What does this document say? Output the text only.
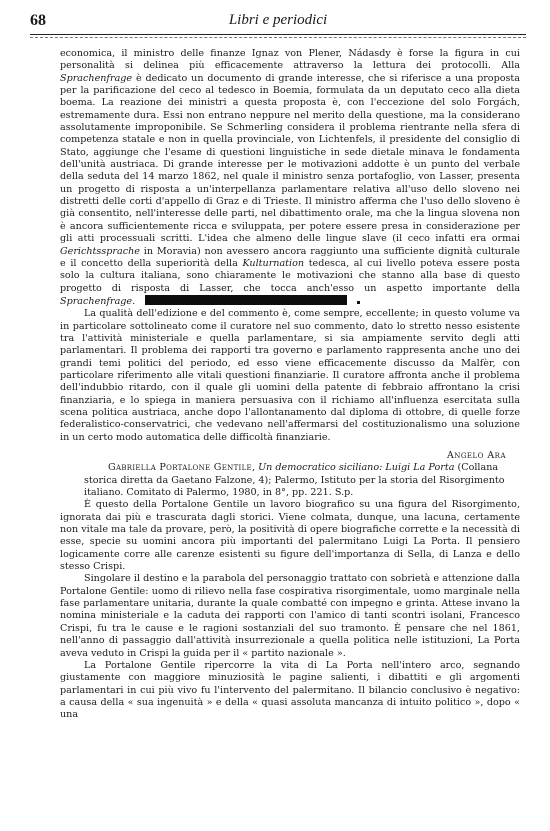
68	Libri e periodici

economica, il ministro delle finanze Ignaz von Plener, Nádasdy è forse la figura in cui personalità si delinea più efficacemente attraverso la lettura dei protocolli. Alla Sprachenfrage è dedicato un documento di grande interesse, che si riferisce a una proposta per la parificazione del ceco al tedesco in Boemia, formulata da un deputato ceco alla dieta boema. La reazione dei ministri a questa proposta è, con l'eccezione del solo Forgách, estremamente dura. Essi non entrano neppure nel merito della questione, ma la considerano assolutamente improponibile. Se Schmerling considera il problema rientrante nella sfera di competenza statale e non in quella provinciale, von Lichtenfels, il presidente del consiglio di Stato, aggiunge che l'esame di questioni linguistiche in sede dietale minava le fondamenta dell'unità austriaca. Di grande interesse per le motivazioni addotte è un punto del verbale della seduta del 14 marzo 1862, nel quale il ministro senza portafoglio, von Lasser, presenta un progetto di risposta a un'interpellanza parlamentare relativa all'uso dello sloveno nei distretti delle corti d'appello di Graz e di Trieste. Il ministro afferma che l'uso dello sloveno è già consentito, nell'interesse delle parti, nel dibattimento orale, ma che la lingua slovena non è ancora sufficientemente ricca e sviluppata, per potere essere presa in considerazione per gli atti processuali scritti. L'idea che almeno delle lingue slave (il ceco infatti era ormai Gerichtssprache in Moravia) non avessero ancora raggiunto una sufficiente dignità culturale e il concetto della superiorità della Kulturnation tedesca, al cui livello poteva essere posta solo la cultura italiana, sono chiaramente le motivazioni che stanno alla base di questo progetto di risposta di Lasser, che tocca anch'esso un aspetto importante della Sprachenfrage.

La qualità dell'edizione e del commento è, come sempre, eccellente; in questo volume va in particolare sottolineato come il curatore nel suo commento, dato lo stretto nesso esistente tra l'attività ministeriale e quella parlamentare, si sia ampiamente servito degli atti parlamentari. Il problema dei rapporti tra governo e parlamento rappresenta anche uno dei grandi temi politici del periodo, ed esso viene efficacemente discusso da Malfèr, con particolare riferimento alle vitali questioni finanziarie. Il curatore affronta anche il problema dell'indubbio ritardo, con il quale gli uomini della patente di febbraio affrontano la crisi finanziaria, e lo spiega in maniera persuasiva con il richiamo all'influenza esercitata sulla scena politica austriaca, anche dopo l'allontanamento dal diploma di ottobre, di quelle forze federalistico-conservatrici, che vedevano nell'affermarsi del costituzionalismo una soluzione in un certo modo automatica delle difficoltà finanziarie.

Angelo Ara

Gabriella Portalone Gentile, Un democratico siciliano: Luigi La Porta (Collana storica diretta da Gaetano Falzone, 4); Palermo, Istituto per la storia del Risorgimento italiano. Comitato di Palermo, 1980, in 8°, pp. 221. S.p.

È questo della Portalone Gentile un lavoro biografico su una figura del Risorgimento, ignorata dai più e trascurata dagli storici. Viene colmata, dunque, una lacuna, certamente non vitale ma tale da provare, però, la positività di opere biografiche corrette e la necessità di esse, specie su uomini ancora più importanti del palermitano Luigi La Porta. Il pensiero logicamente corre alle carenze esistenti su figure dell'importanza di Sella, di Lanza e dello stesso Crispi.

Singolare il destino e la parabola del personaggio trattato con sobrietà e attenzione dalla Portalone Gentile: uomo di rilievo nella fase cospirativa risorgimentale, uomo marginale nella fase parlamentare unitaria, durante la quale combatté con impegno e grinta. Attese invano la nomina ministeriale e la caduta dei rapporti con l'amico di tanti scontri isolani, Francesco Crispi, fu tra le cause e le ragioni sostanziali del suo tramonto. È pensare che nel 1861, nell'anno di passaggio dall'attività insurrezionale a quella politica nelle istituzioni, La Porta aveva veduto in Crispi la guida per il « partito nazionale ».

La Portalone Gentile ripercorre la vita di La Porta nell'intero arco, segnando giustamente con maggiore minuziosità le pagine salienti, i dibattiti e gli argomenti parlamentari in cui più vivo fu l'intervento del palermitano. Il bilancio conclusivo è negativo: a causa della « sua ingenuità » e della « quasi assoluta mancanza di intuito politico », dopo « una
